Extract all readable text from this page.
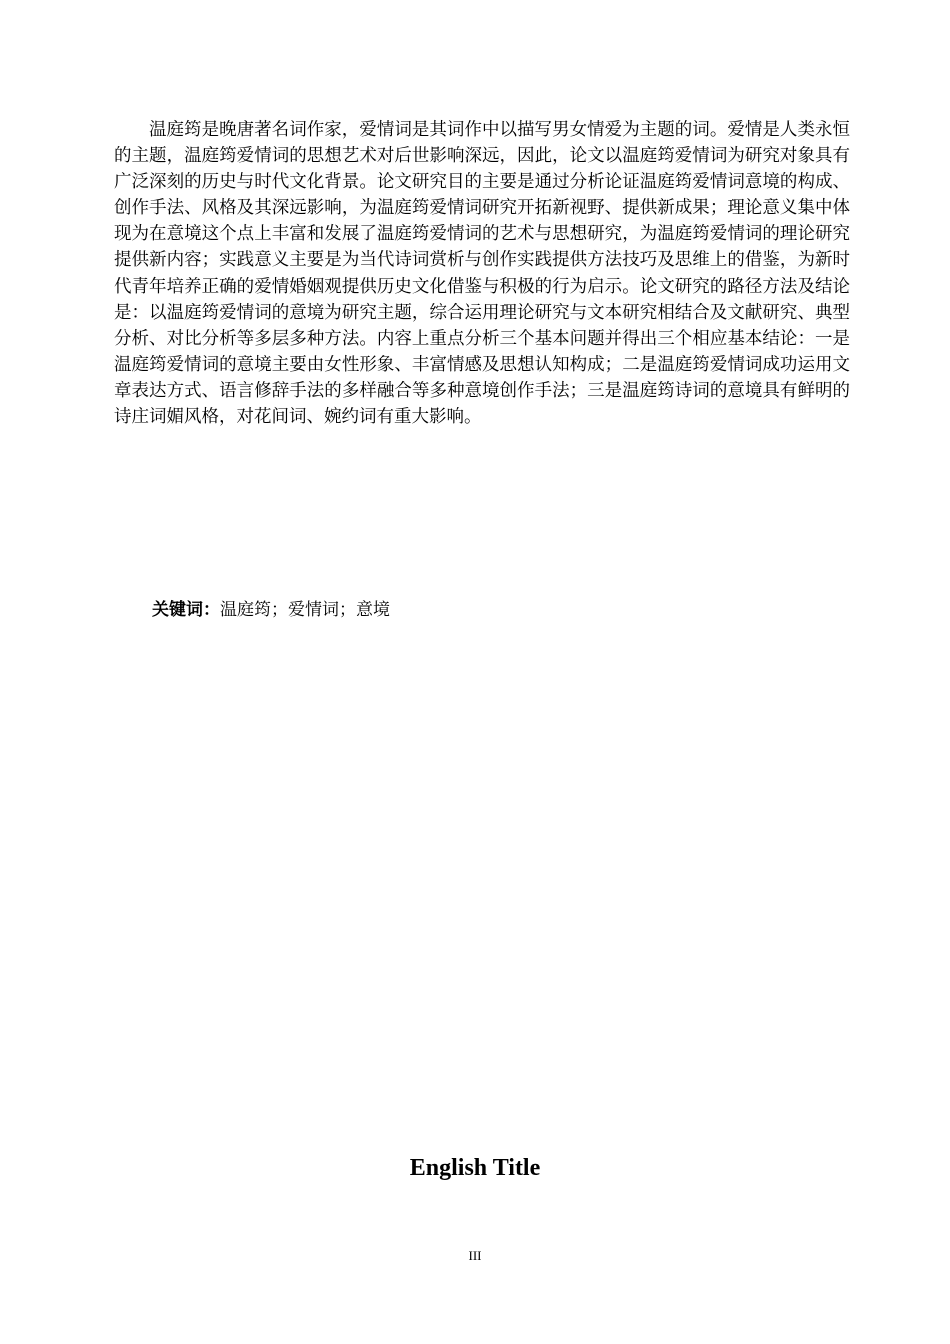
温庭筠是晚唐著名词作家，爱情词是其词作中以描写男女情爱为主题的词。爱情是人类永恒的主题，温庭筠爱情词的思想艺术对后世影响深远，因此，论文以温庭筠爱情词为研究对象具有广泛深刻的历史与时代文化背景。论文研究目的主要是通过分析论证温庭筠爱情词意境的构成、创作手法、风格及其深远影响，为温庭筠爱情词研究开拓新视野、提供新成果；理论意义集中体现为在意境这个点上丰富和发展了温庭筠爱情词的艺术与思想研究，为温庭筠爱情词的理论研究提供新内容；实践意义主要是为当代诗词赏析与创作实践提供方法技巧及思维上的借鉴，为新时代青年培养正确的爱情婚姻观提供历史文化借鉴与积极的行为启示。论文研究的路径方法及结论是：以温庭筠爱情词的意境为研究主题，综合运用理论研究与文本研究相结合及文献研究、典型分析、对比分析等多层多种方法。内容上重点分析三个基本问题并得出三个相应基本结论：一是温庭筠爱情词的意境主要由女性形象、丰富情感及思想认知构成；二是温庭筠爱情词成功运用文章表达方式、语言修辞手法的多样融合等多种意境创作手法；三是温庭筠诗词的意境具有鲜明的诗庄词媚风格，对花间词、婉约词有重大影响。

关键词：温庭筠；爱情词；意境

English Title
III
